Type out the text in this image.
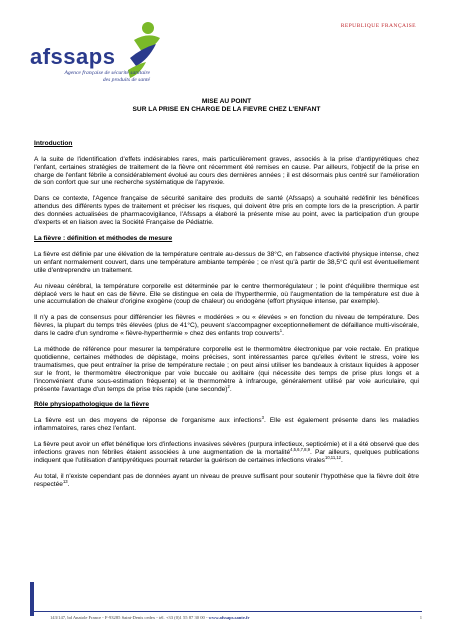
afssaps
Agence française de sécurité sanitaire
des produits de santé
REPUBLIQUE FRANÇAISE

MISE AU POINT

SUR LA PRISE EN CHARGE DE LA FIEVRE CHEZ L'ENFANT

Introduction

A la suite de l'identification d'effets indésirables rares, mais particulièrement graves, associés à la prise d'antipyrétiques chez l'enfant, certaines stratégies de traitement de la fièvre ont récemment été remises en cause. Par ailleurs, l'objectif de la prise en charge de l'enfant fébrile a considérablement évolué au cours des dernières années ; il est désormais plus centré sur l'amélioration de son confort que sur une recherche systématique de l'apyrexie.

Dans ce contexte, l'Agence française de sécurité sanitaire des produits de santé (Afssaps) a souhaité redéfinir les bénéfices attendus des différents types de traitement et préciser les risques, qui doivent être pris en compte lors de la prescription. A partir des données actualisées de pharmacovigilance, l'Afssaps a élaboré la présente mise au point, avec la participation d'un groupe d'experts et en liaison avec la Société Française de Pédiatrie.

La fièvre : définition et méthodes de mesure

La fièvre est définie par une élévation de la température centrale au-dessus de 38°C, en l'absence d'activité physique intense, chez un enfant normalement couvert, dans une température ambiante tempérée ; ce n'est qu'à partir de 38,5°C qu'il est éventuellement utile d'entreprendre un traitement.

Au niveau cérébral, la température corporelle est déterminée par le centre thermorégulateur ; le point d'équilibre thermique est déplacé vers le haut en cas de fièvre. Elle se distingue en cela de l'hyperthermie, où l'augmentation de la température est due à une accumulation de chaleur d'origine exogène (coup de chaleur) ou endogène (effort physique intense, par exemple).

Il n'y a pas de consensus pour différencier les fièvres « modérées » ou « élevées » en fonction du niveau de température. Des fièvres, la plupart du temps très élevées (plus de 41°C), peuvent s'accompagner exceptionnellement de défaillance multi-viscérale, dans le cadre d'un syndrome « fièvre-hyperthermie » chez des enfants trop couverts$^1$.

La méthode de référence pour mesurer la température corporelle est le thermomètre électronique par voie rectale. En pratique quotidienne, certaines méthodes de dépistage, moins précises, sont intéressantes parce qu'elles évitent le stress, voire les traumatismes, que peut entraîner la prise de température rectale ; on peut ainsi utiliser les bandeaux à cristaux liquides à apposer sur le front, le thermomètre électronique par voie buccale ou axillaire (qui nécessite des temps de prise plus longs et a l'inconvénient d'une sous-estimation fréquente) et le thermomètre à infrarouge, généralement utilisé par voie auriculaire, qui présente l'avantage d'un temps de prise très rapide (une seconde)$^2$.

Rôle physiopathologique de la fièvre

La fièvre est un des moyens de réponse de l'organisme aux infections$^3$. Elle est également présente dans les maladies inflammatoires, rares chez l'enfant.

La fièvre peut avoir un effet bénéfique lors d'infections invasives sévères (purpura infectieux, septicémie) et il a été observé que des infections graves non fébriles étaient associées à une augmentation de la mortalité$^{4,5,6,7,8,9}$. Par ailleurs, quelques publications indiquent que l'utilisation d'antipyrétiques pourrait retarder la guérison de certaines infections virales$^{10,11,12}$.

Au total, il n'existe cependant pas de données ayant un niveau de preuve suffisant pour soutenir l'hypothèse que la fièvre doit être respectée$^{13}$.

143/147, bd Anatole France - F-93285 Saint-Denis cedex - tél. +33 (0)1 55 87 30 00 - www.afssaps.sante.fr	1
